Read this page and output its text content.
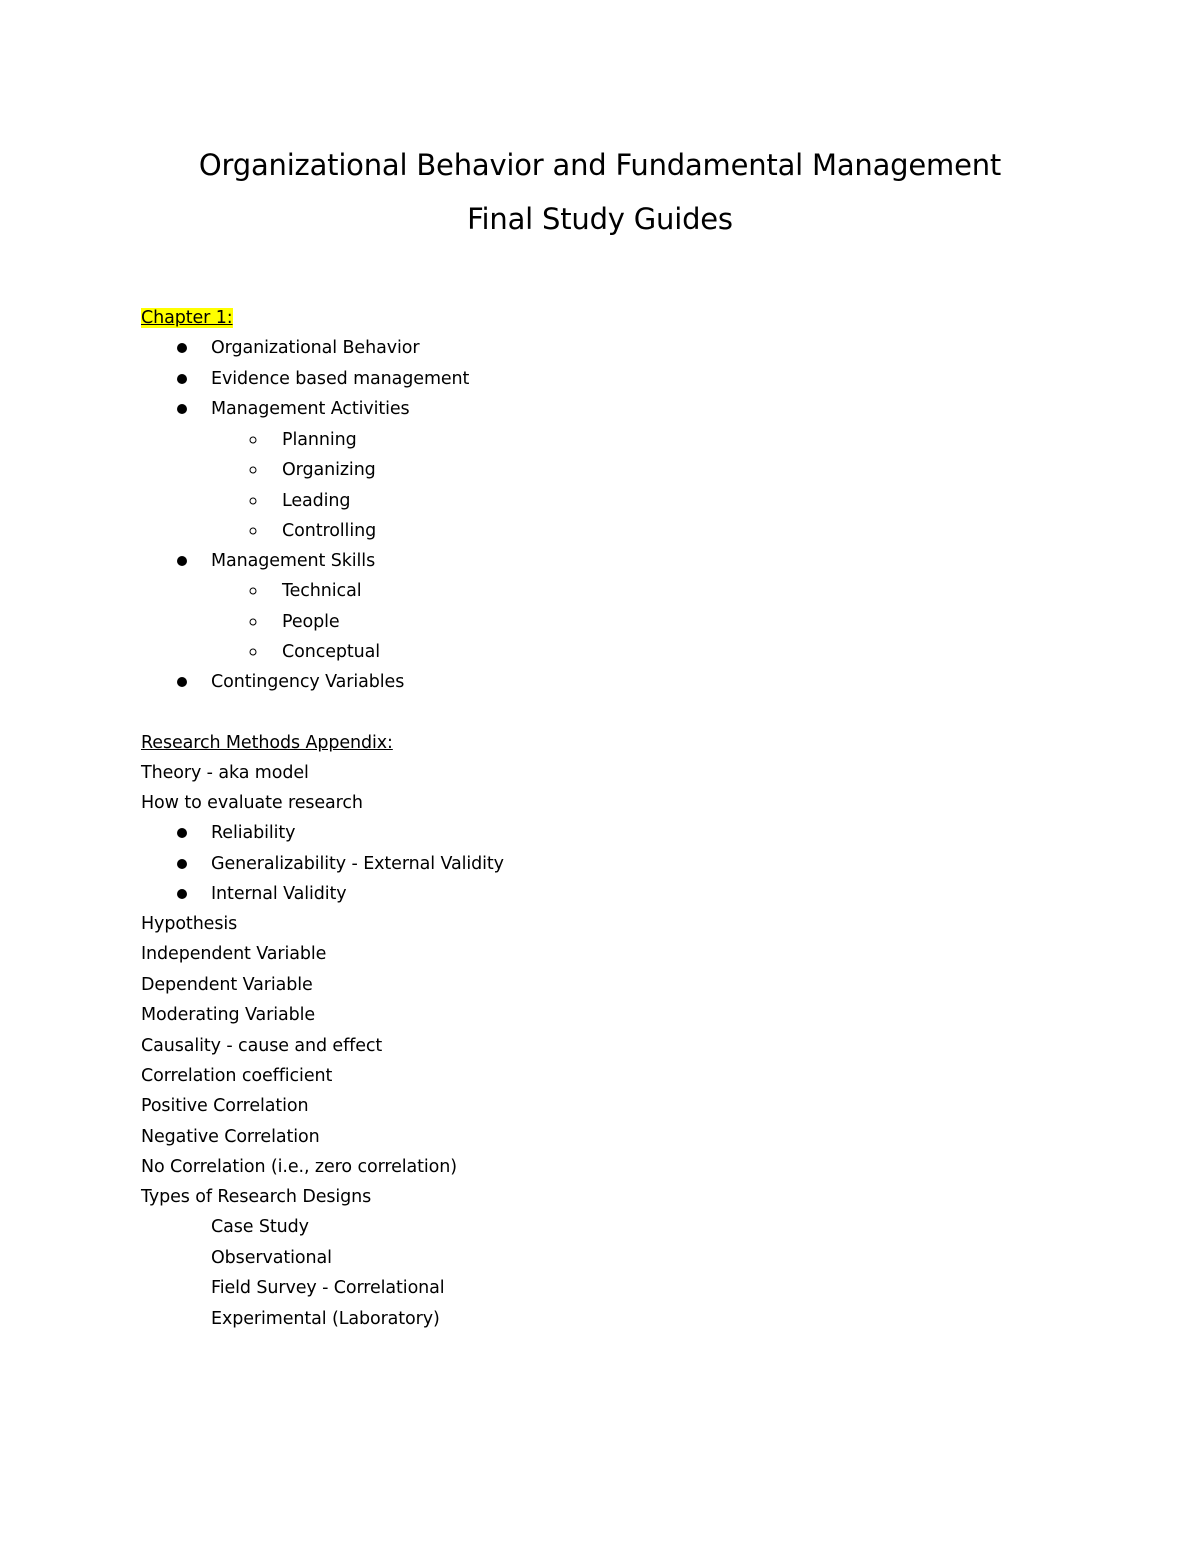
Organizational Behavior and Fundamental Management
Final Study Guides
Chapter 1:
Organizational Behavior
Evidence based management
Management Activities
Planning
Organizing
Leading
Controlling
Management Skills
Technical
People
Conceptual
Contingency Variables
Research Methods Appendix:
Theory - aka model
How to evaluate research
Reliability
Generalizability - External Validity
Internal Validity
Hypothesis
Independent Variable
Dependent Variable
Moderating Variable
Causality - cause and effect
Correlation coefficient
Positive Correlation
Negative Correlation
No Correlation (i.e., zero correlation)
Types of Research Designs
Case Study
Observational
Field Survey - Correlational
Experimental (Laboratory)
